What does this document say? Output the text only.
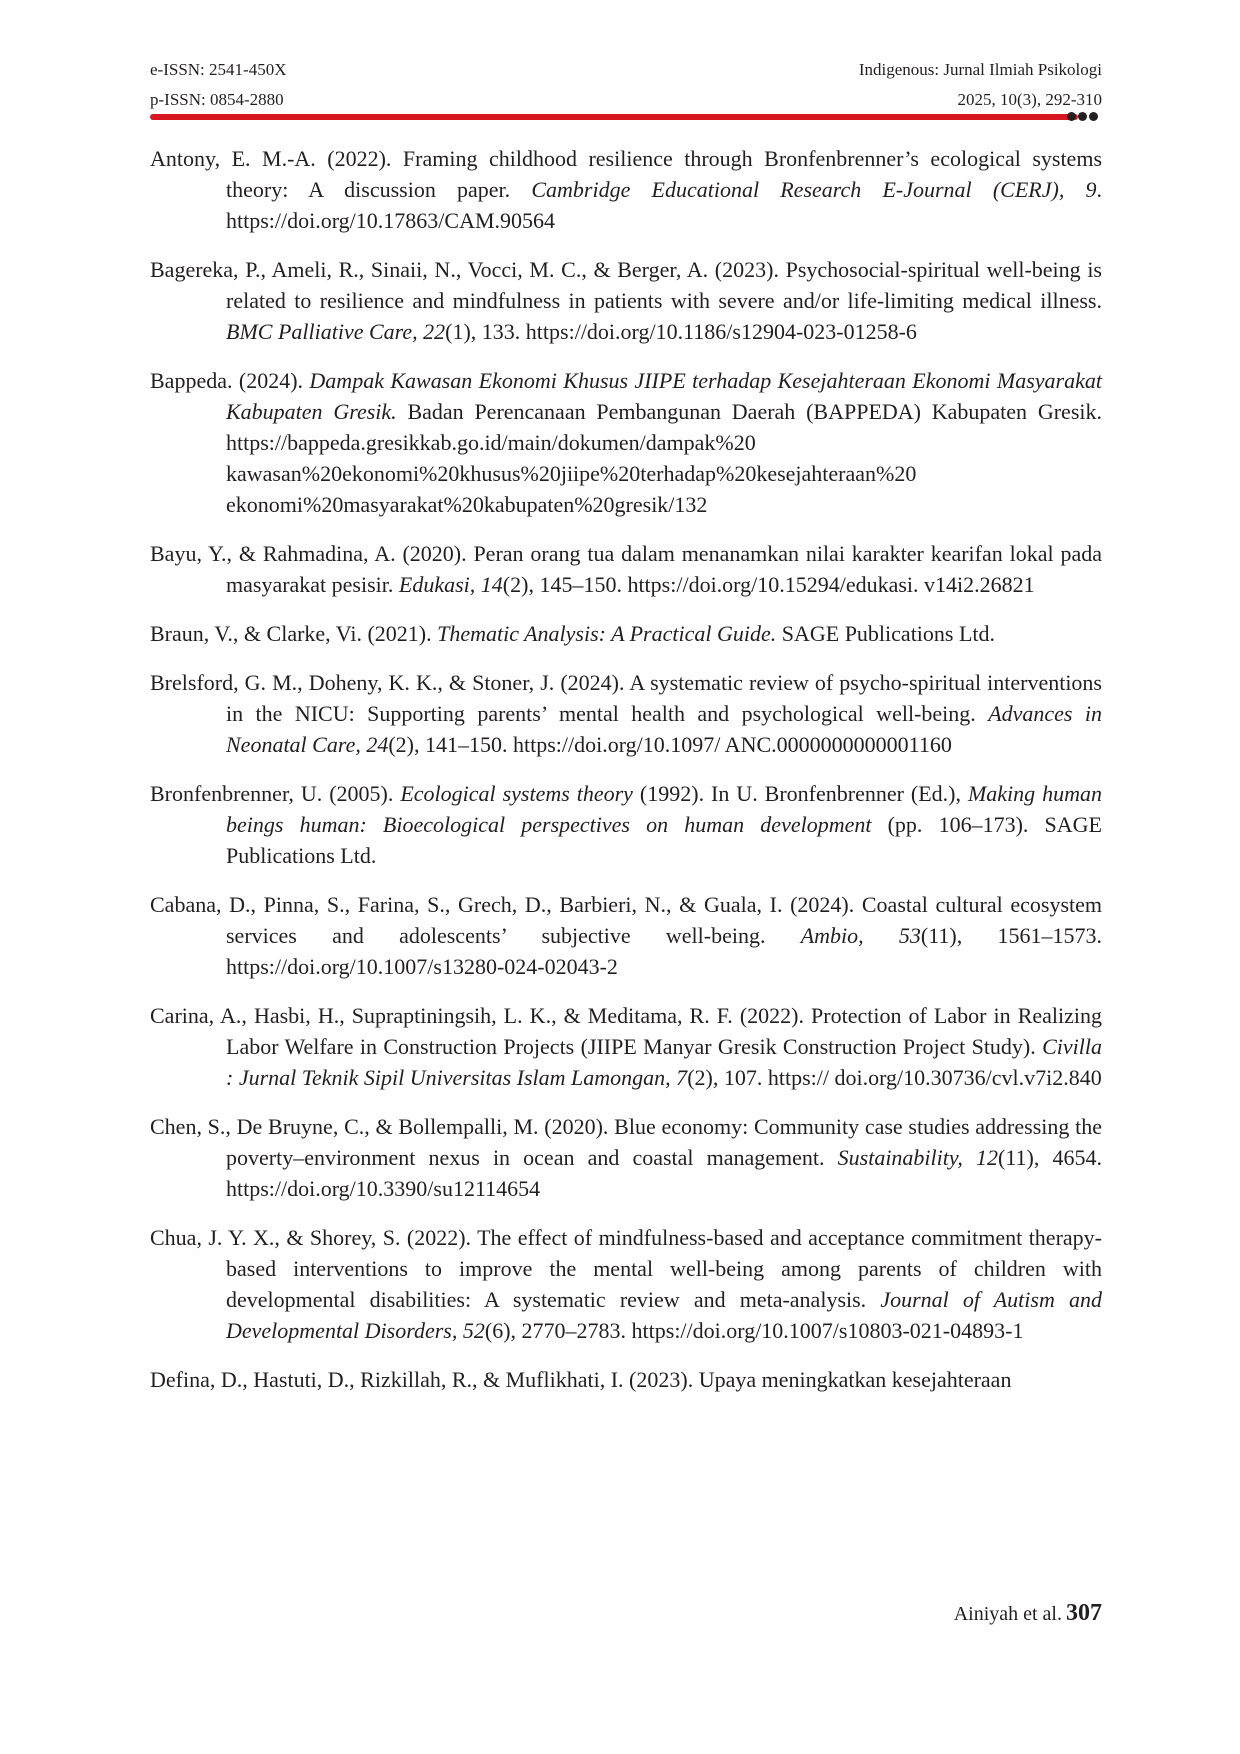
e-ISSN: 2541-450X
p-ISSN: 0854-2880
Indigenous: Jurnal Ilmiah Psikologi
2025, 10(3), 292-310

Antony, E. M.-A. (2022). Framing childhood resilience through Bronfenbrenner’s ecological systems theory: A discussion paper. Cambridge Educational Research E-Journal (CERJ), 9. https://doi.org/10.17863/CAM.90564

Bagereka, P., Ameli, R., Sinaii, N., Vocci, M. C., & Berger, A. (2023). Psychosocial-spiritual well-being is related to resilience and mindfulness in patients with severe and/or life-limiting medical illness. BMC Palliative Care, 22(1), 133. https://doi.org/10.1186/s12904-023-01258-6

Bappeda. (2024). Dampak Kawasan Ekonomi Khusus JIIPE terhadap Kesejahteraan Ekonomi Masyarakat Kabupaten Gresik. Badan Perencanaan Pembangunan Daerah (BAPPEDA) Kabupaten Gresik. https://bappeda.gresikkab.go.id/main/dokumen/dampak%20 kawasan%20ekonomi%20khusus%20jiipe%20terhadap%20kesejahteraan%20 ekonomi%20masyarakat%20kabupaten%20gresik/132

Bayu, Y., & Rahmadina, A. (2020). Peran orang tua dalam menanamkan nilai karakter kearifan lokal pada masyarakat pesisir. Edukasi, 14(2), 145–150. https://doi.org/10.15294/edukasi. v14i2.26821

Braun, V., & Clarke, Vi. (2021). Thematic Analysis: A Practical Guide. SAGE Publications Ltd.

Brelsford, G. M., Doheny, K. K., & Stoner, J. (2024). A systematic review of psycho-spiritual interventions in the NICU: Supporting parents’ mental health and psychological well-being. Advances in Neonatal Care, 24(2), 141–150. https://doi.org/10.1097/ ANC.0000000000001160

Bronfenbrenner, U. (2005). Ecological systems theory (1992). In U. Bronfenbrenner (Ed.), Making human beings human: Bioecological perspectives on human development (pp. 106–173). SAGE Publications Ltd.

Cabana, D., Pinna, S., Farina, S., Grech, D., Barbieri, N., & Guala, I. (2024). Coastal cultural ecosystem services and adolescents’ subjective well-being. Ambio, 53(11), 1561–1573. https://doi.org/10.1007/s13280-024-02043-2

Carina, A., Hasbi, H., Supraptiningsih, L. K., & Meditama, R. F. (2022). Protection of Labor in Realizing Labor Welfare in Construction Projects (JIIPE Manyar Gresik Construction Project Study). Civilla : Jurnal Teknik Sipil Universitas Islam Lamongan, 7(2), 107. https:// doi.org/10.30736/cvl.v7i2.840

Chen, S., De Bruyne, C., & Bollempalli, M. (2020). Blue economy: Community case studies addressing the poverty–environment nexus in ocean and coastal management. Sustainability, 12(11), 4654. https://doi.org/10.3390/su12114654

Chua, J. Y. X., & Shorey, S. (2022). The effect of mindfulness-based and acceptance commitment therapy-based interventions to improve the mental well-being among parents of children with developmental disabilities: A systematic review and meta-analysis. Journal of Autism and Developmental Disorders, 52(6), 2770–2783. https://doi.org/10.1007/s10803-021-04893-1

Defina, D., Hastuti, D., Rizkillah, R., & Muflikhati, I. (2023). Upaya meningkatkan kesejahteraan

Ainiyah et al. 307
